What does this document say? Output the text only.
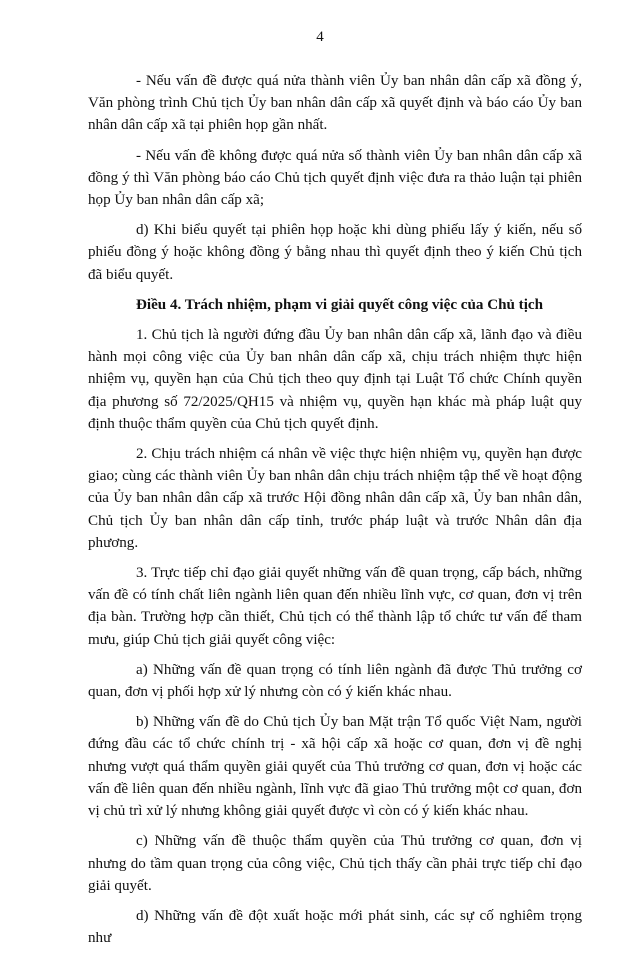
4

- Nếu vấn đề được quá nửa thành viên Ủy ban nhân dân cấp xã đồng ý, Văn phòng trình Chủ tịch Ủy ban nhân dân cấp xã quyết định và báo cáo Ủy ban nhân dân cấp xã tại phiên họp gần nhất.

- Nếu vấn đề không được quá nửa số thành viên Ủy ban nhân dân cấp xã đồng ý thì Văn phòng báo cáo Chủ tịch quyết định việc đưa ra thảo luận tại phiên họp Ủy ban nhân dân cấp xã;

d) Khi biểu quyết tại phiên họp hoặc khi dùng phiếu lấy ý kiến, nếu số phiếu đồng ý hoặc không đồng ý bằng nhau thì quyết định theo ý kiến Chủ tịch đã biểu quyết.

Điều 4. Trách nhiệm, phạm vi giải quyết công việc của Chủ tịch

1. Chủ tịch là người đứng đầu Ủy ban nhân dân cấp xã, lãnh đạo và điều hành mọi công việc của Ủy ban nhân dân cấp xã, chịu trách nhiệm thực hiện nhiệm vụ, quyền hạn của Chủ tịch theo quy định tại Luật Tổ chức Chính quyền địa phương số 72/2025/QH15 và nhiệm vụ, quyền hạn khác mà pháp luật quy định thuộc thẩm quyền của Chủ tịch quyết định.

2. Chịu trách nhiệm cá nhân về việc thực hiện nhiệm vụ, quyền hạn được giao; cùng các thành viên Ủy ban nhân dân chịu trách nhiệm tập thể về hoạt động của Ủy ban nhân dân cấp xã trước Hội đồng nhân dân cấp xã, Ủy ban nhân dân, Chủ tịch Ủy ban nhân dân cấp tỉnh, trước pháp luật và trước Nhân dân địa phương.

3. Trực tiếp chỉ đạo giải quyết những vấn đề quan trọng, cấp bách, những vấn đề có tính chất liên ngành liên quan đến nhiều lĩnh vực, cơ quan, đơn vị trên địa bàn. Trường hợp cần thiết, Chủ tịch có thể thành lập tổ chức tư vấn để tham mưu, giúp Chủ tịch giải quyết công việc:

a) Những vấn đề quan trọng có tính liên ngành đã được Thủ trưởng cơ quan, đơn vị phối hợp xử lý nhưng còn có ý kiến khác nhau.

b) Những vấn đề do Chủ tịch Ủy ban Mặt trận Tổ quốc Việt Nam, người đứng đầu các tổ chức chính trị - xã hội cấp xã hoặc cơ quan, đơn vị đề nghị nhưng vượt quá thẩm quyền giải quyết của Thủ trưởng cơ quan, đơn vị hoặc các vấn đề liên quan đến nhiều ngành, lĩnh vực đã giao Thủ trưởng một cơ quan, đơn vị chủ trì xử lý nhưng không giải quyết được vì còn có ý kiến khác nhau.

c) Những vấn đề thuộc thẩm quyền của Thủ trưởng cơ quan, đơn vị nhưng do tầm quan trọng của công việc, Chủ tịch thấy cần phải trực tiếp chỉ đạo giải quyết.

d) Những vấn đề đột xuất hoặc mới phát sinh, các sự cố nghiêm trọng như
